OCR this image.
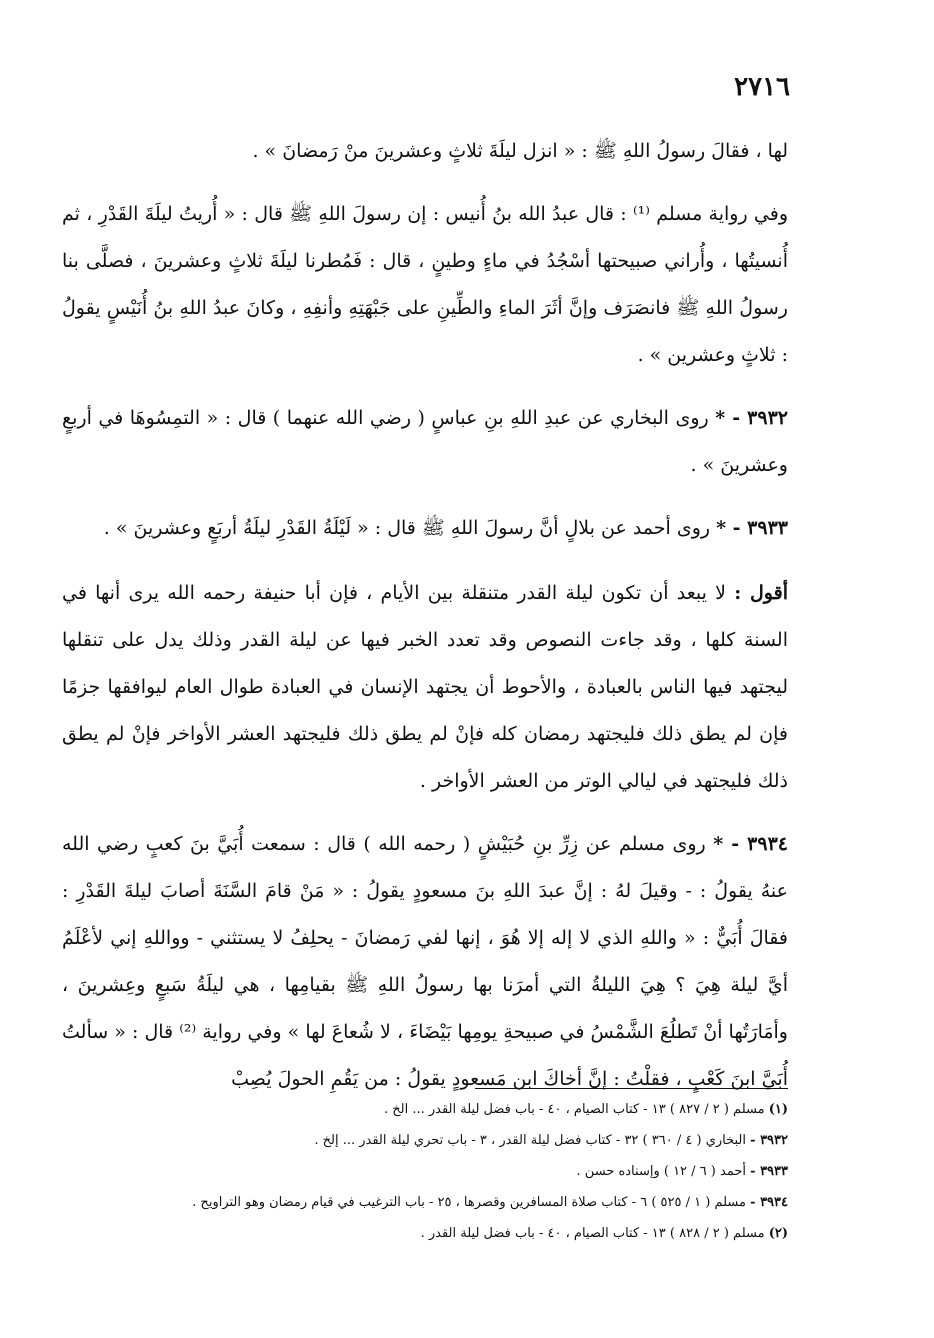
٢٧١٦

لها ، فقالَ رسولُ اللهِ ﷺ : « انزل ليلَةَ ثلاثٍ وعشرينَ منْ رَمضانَ » .

وفي رواية مسلم ⁽¹⁾ : قال عبدُ الله بنُ أُنيس : إن رسولَ اللهِ ﷺ قال : « أُريتُ ليلَةَ القَدْرِ ، ثم أُنسيتُها ، وأُراني صبيحتها أسْجُدُ في ماءٍ وطينٍ ، قال : فَمُطرنا ليلَةَ ثلاثٍ وعشرينَ ، فصلَّى بنا رسولُ اللهِ ﷺ فانصَرَف وإنَّ أثَرَ الماءِ والطِّينِ على جَبْهَتِهِ وأنفِهِ ، وكانَ عبدُ اللهِ بنُ أُنَيْسٍ يقولُ : ثلاثٍ وعشرين » .

٣٩٣٢ - * روى البخاري عن عبدِ اللهِ بنِ عباسٍ ( رضي الله عنهما ) قال : « التمِسُوهَا في أربعٍ وعشرينَ » .

٣٩٣٣ - * روى أحمد عن بلالٍ أنَّ رسولَ اللهِ ﷺ قال : « لَيْلَةُ القَدْرِ ليلَةُ أربَعٍ وعشرينَ » .

أقول : لا يبعد أن تكون ليلة القدر متنقلة بين الأيام ، فإن أبا حنيفة رحمه الله يرى أنها في السنة كلها ، وقد جاءت النصوص وقد تعدد الخبر فيها عن ليلة القدر وذلك يدل على تنقلها ليجتهد فيها الناس بالعبادة ، والأحوط أن يجتهد الإنسان في العبادة طوال العام ليوافقها جزمًا فإن لم يطق ذلك فليجتهد رمضان كله فإنْ لم يطق ذلك فليجتهد العشر الأواخر فإنْ لم يطق ذلك فليجتهد في ليالي الوتر من العشر الأواخر .

٣٩٣٤ - * روى مسلم عن زِرِّ بنِ حُبَيْشٍ ( رحمه الله ) قال : سمعت أُبَيَّ بنَ كعبٍ رضي الله عنهُ يقولُ : - وقيلَ لهُ : إنَّ عبدَ اللهِ بنَ مسعودٍ يقولُ : « مَنْ قامَ السَّنَةَ أصابَ ليلةَ القَدْرِ : فقالَ أُبَيٌّ : « واللهِ الذي لا إله إلا هُوَ ، إنها لفي رَمضانَ - يحلِفُ لا يستثني - وواللهِ إني لأعْلَمُ أيَّ ليلة هِيَ ؟ هِيَ الليلةُ التي أمرَنا بها رسولُ اللهِ ﷺ بقيامِها ، هي ليلَةُ سَبعٍ وعِشرينَ ، وأمَارَتُها أنْ تَطلُعَ الشَّمْسُ في صبيحةِ يومِها بَيْضَاءَ ، لا شُعاعَ لها » وفي رواية ⁽²⁾ قال : « سألتُ أُبَيَّ ابنَ كَعْبٍ ، فقلْتُ : إنَّ أخاكَ ابن مَسعودٍ يقولُ : من يَقُمِ الحولَ يُصِبْ

(١) مسلم ( ٢ / ٨٢٧ ) ١٣ - كتاب الصيام ، ٤٠ - باب فضل ليلة القدر ... الخ .
٣٩٣٢ - البخاري ( ٤ / ٣٦٠ ) ٣٢ - كتاب فضل ليلة القدر ، ٣ - باب تحري ليلة القدر ... إلخ .
٣٩٣٣ - أحمد ( ٦ / ١٢ ) وإسناده حسن .
٣٩٣٤ - مسلم ( ١ / ٥٢٥ ) ٦ - كتاب صلاة المسافرين وقصرها ، ٢٥ - باب الترغيب في قيام رمضان وهو التراويح .
(٢) مسلم ( ٢ / ٨٢٨ ) ١٣ - كتاب الصيام ، ٤٠ - باب فضل ليلة القدر .
